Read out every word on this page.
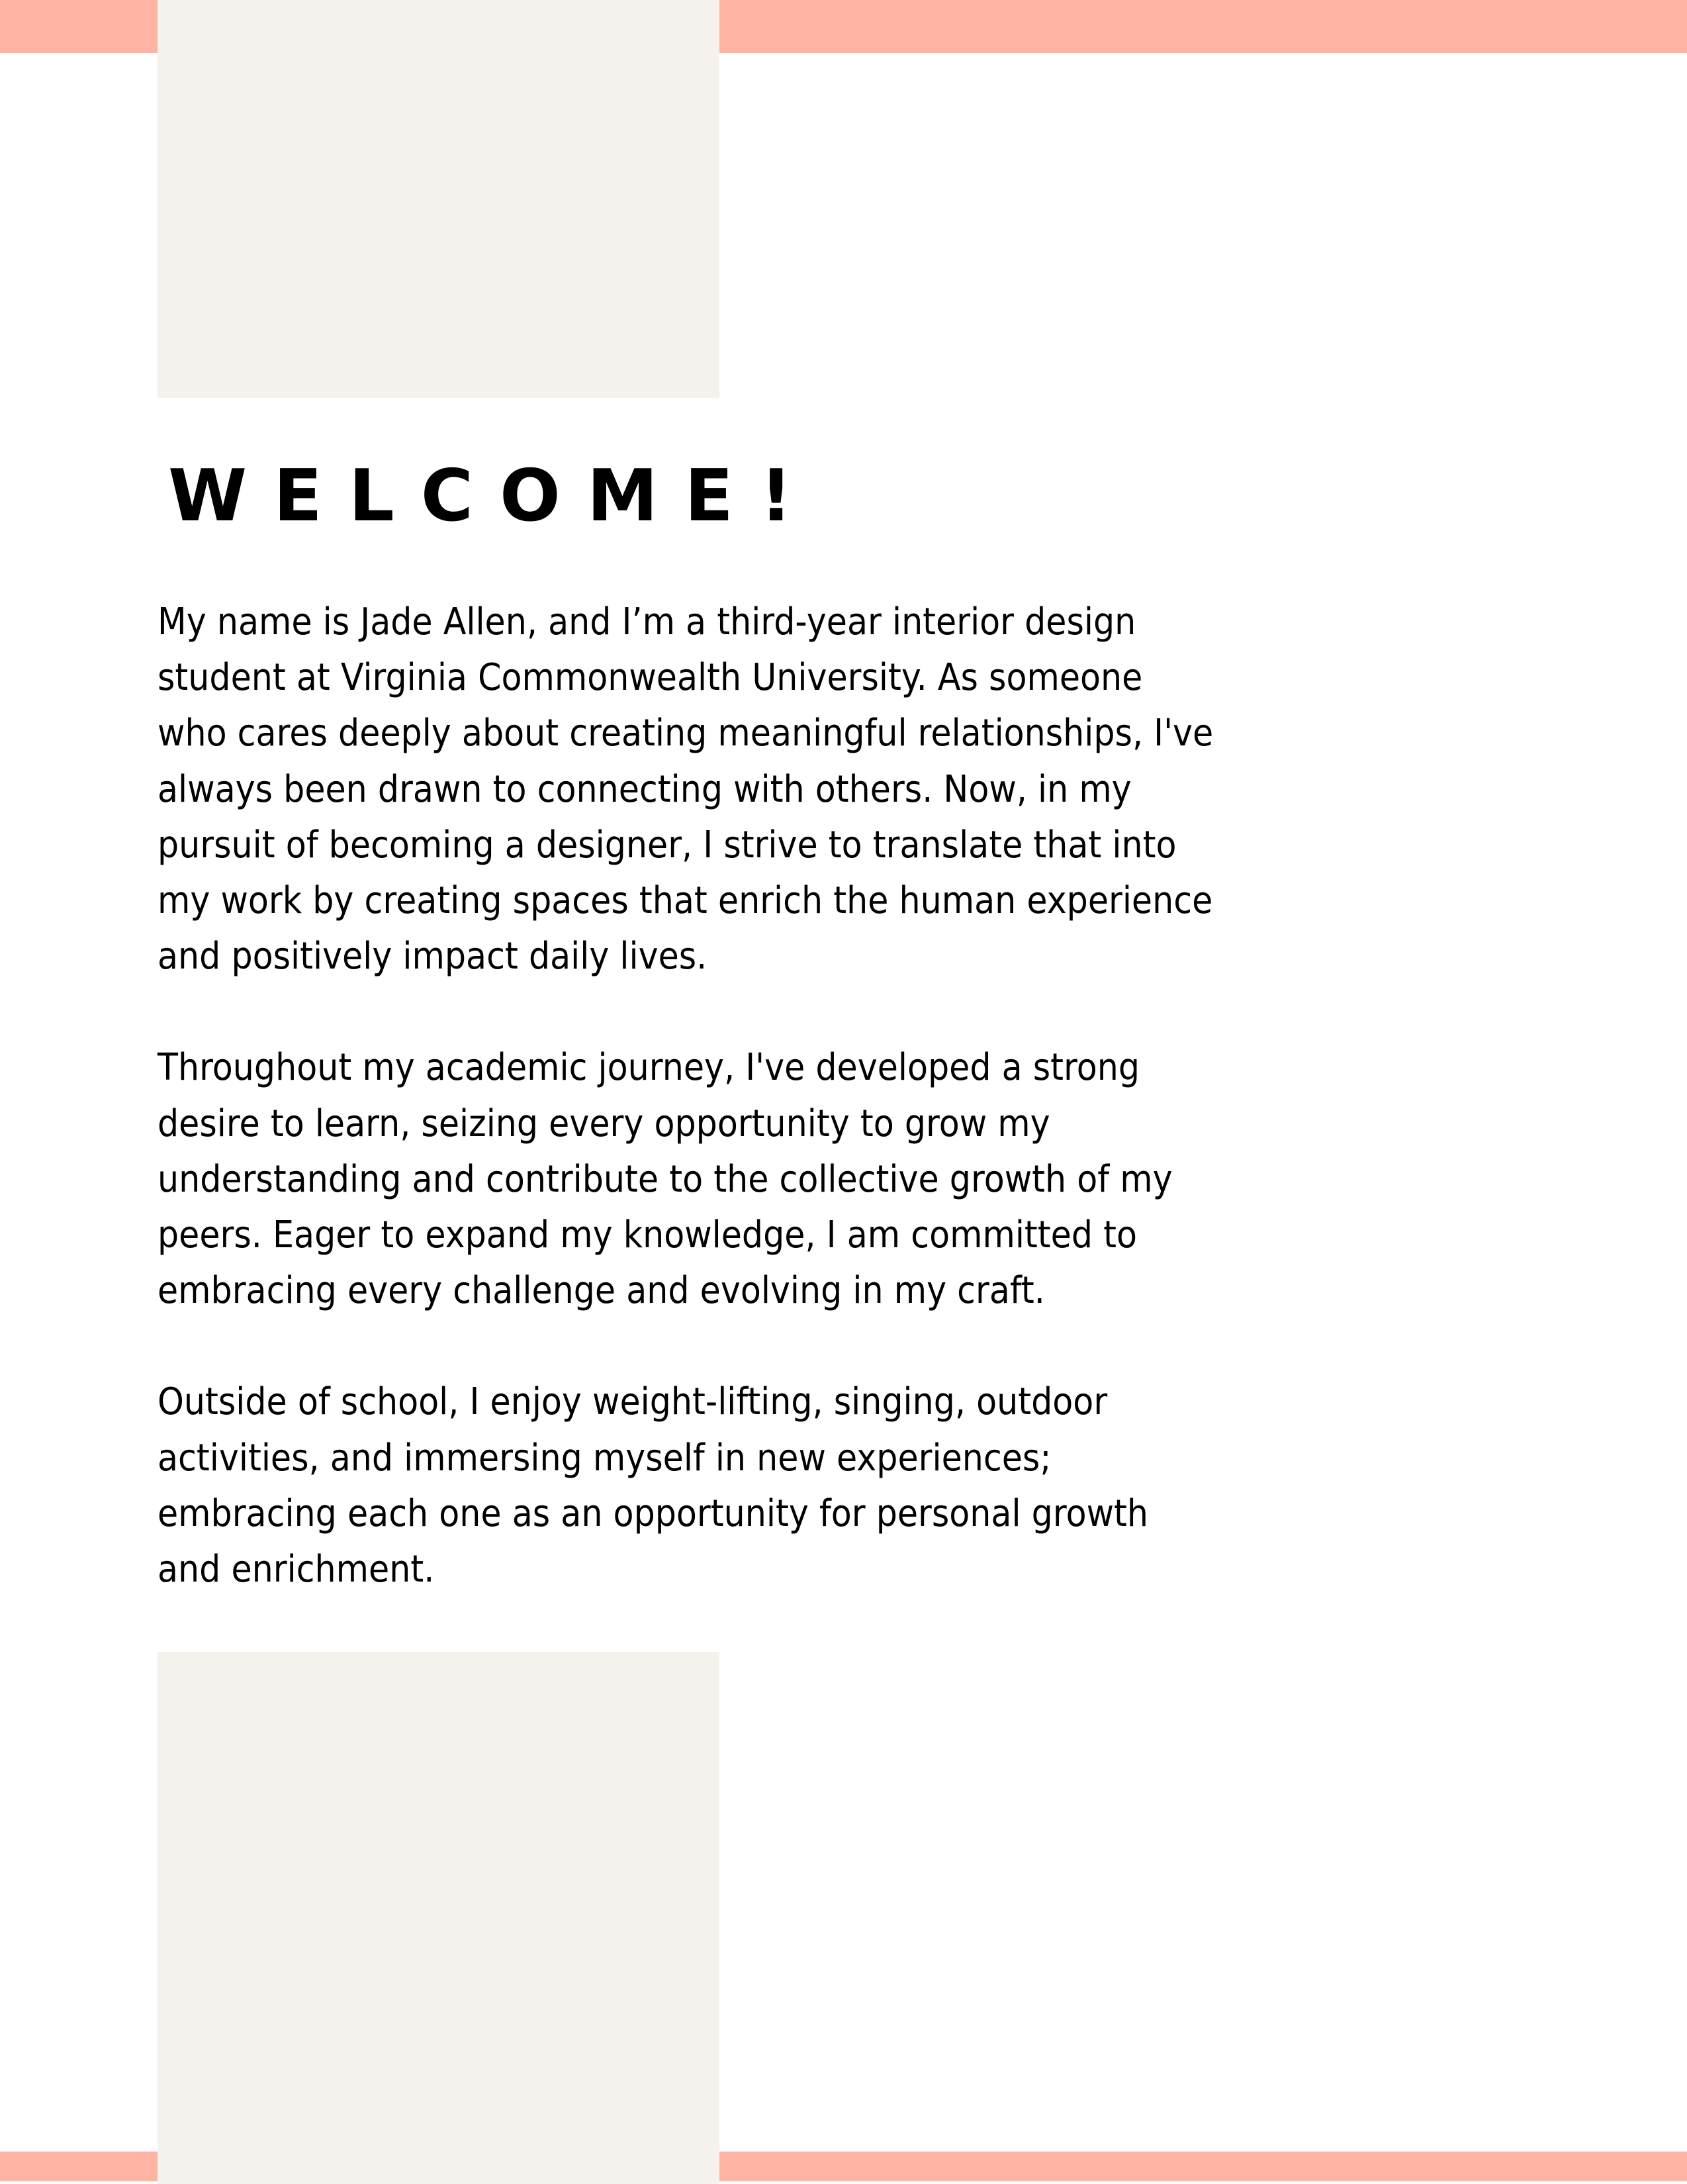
WELCOME!

My name is Jade Allen, and I’m a third-year interior design
student at Virginia Commonwealth University. As someone
who cares deeply about creating meaningful relationships, I've
always been drawn to connecting with others. Now, in my
pursuit of becoming a designer, I strive to translate that into
my work by creating spaces that enrich the human experience
and positively impact daily lives.

Throughout my academic journey, I've developed a strong
desire to learn, seizing every opportunity to grow my
understanding and contribute to the collective growth of my
peers. Eager to expand my knowledge, I am committed to
embracing every challenge and evolving in my craft.

Outside of school, I enjoy weight-lifting, singing, outdoor
activities, and immersing myself in new experiences;
embracing each one as an opportunity for personal growth
and enrichment.
